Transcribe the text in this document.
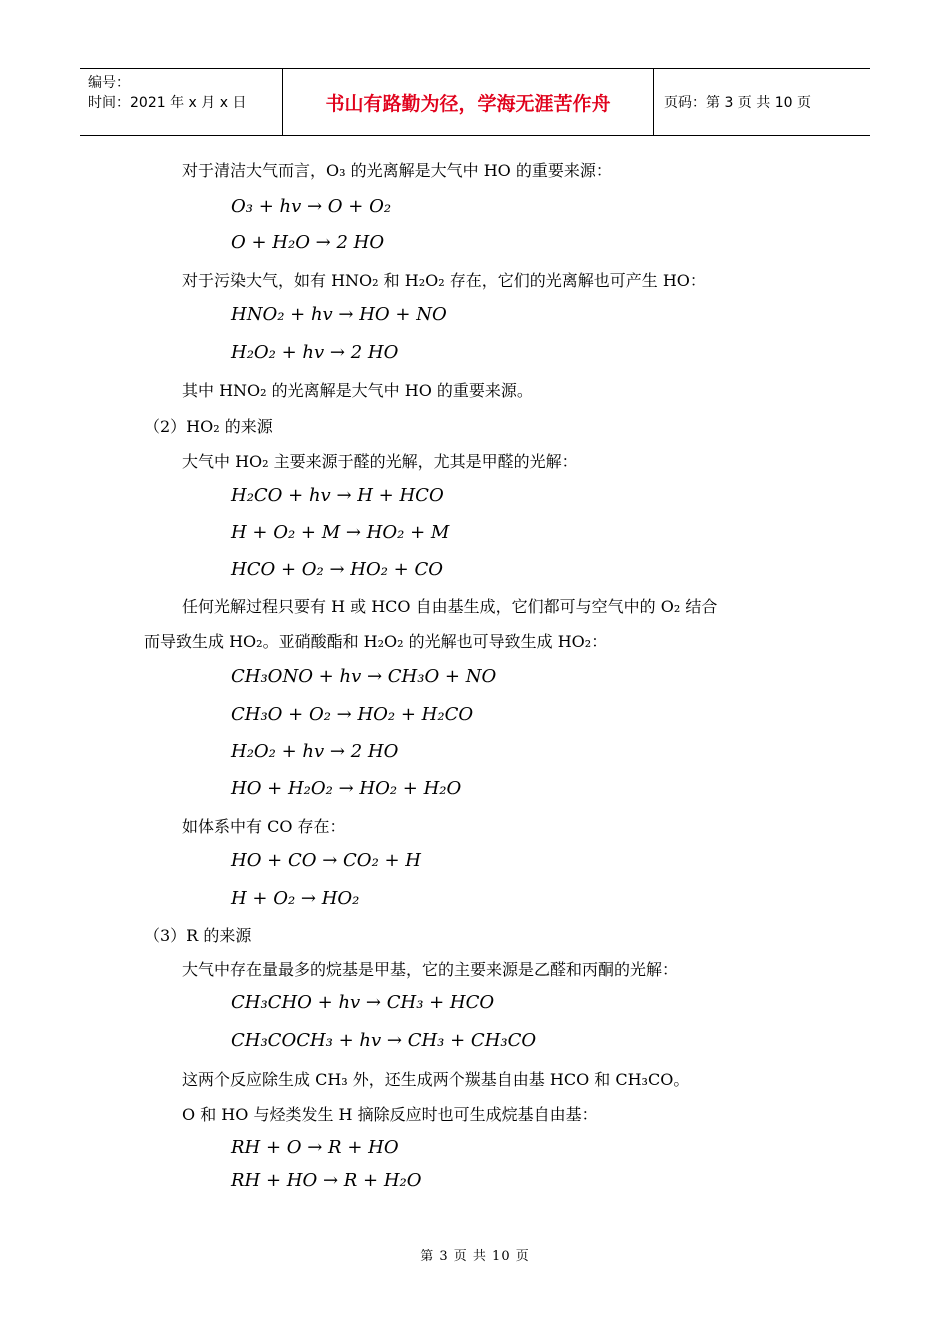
编号：
时间：2021 年 x 月 x 日	书山有路勤为径，学海无涯苦作舟	页码：第 3 页 共 10 页
对于清洁大气而言，O₃ 的光离解是大气中 HO 的重要来源：
O₃ + hv → O + O₂
O + H₂O → 2 HO
对于污染大气，如有 HNO₂ 和 H₂O₂ 存在，它们的光离解也可产生 HO：
HNO₂ + hv → HO + NO
H₂O₂ + hv → 2 HO
其中 HNO₂ 的光离解是大气中 HO 的重要来源。
（2）HO₂ 的来源
大气中 HO₂ 主要来源于醛的光解，尤其是甲醛的光解：
H₂CO + hv → H + HCO
H + O₂ + M → HO₂ + M
HCO + O₂ → HO₂ + CO
任何光解过程只要有 H 或 HCO 自由基生成，它们都可与空气中的 O₂ 结合
而导致生成 HO₂。亚硝酸酯和 H₂O₂ 的光解也可导致生成 HO₂：
CH₃ONO + hv → CH₃O + NO
CH₃O + O₂ → HO₂ + H₂CO
H₂O₂ + hv → 2 HO
HO + H₂O₂ → HO₂ + H₂O
如体系中有 CO 存在：
HO + CO → CO₂ + H
H + O₂ → HO₂
（3）R 的来源
大气中存在量最多的烷基是甲基，它的主要来源是乙醛和丙酮的光解：
CH₃CHO + hv → CH₃ + HCO
CH₃COCH₃ + hv → CH₃ + CH₃CO
这两个反应除生成 CH₃ 外，还生成两个羰基自由基 HCO 和 CH₃CO。
O 和 HO 与烃类发生 H 摘除反应时也可生成烷基自由基：
RH + O → R + HO
RH + HO → R + H₂O
第 3 页 共 10 页
